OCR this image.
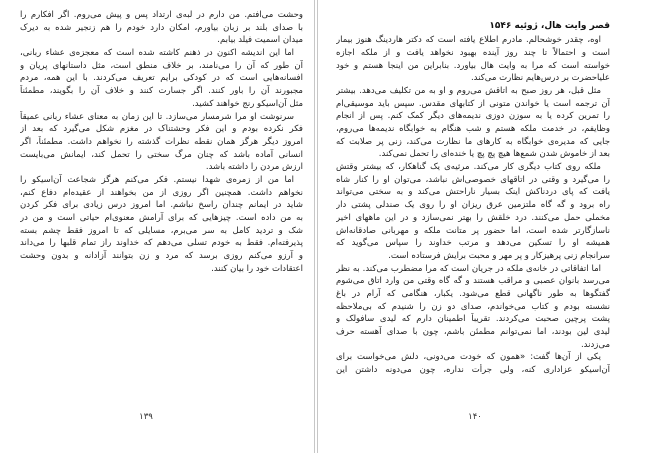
وحشت می‌افتم. من دارم در لبه‌ی ارتداد پس و پیش می‌روم. اگر افکارم را
با صدای بلند بر زبان بیاورم، امکان دارد خودم را هم زنجیر شده به دیرک
میدان اسمیت فیلد بیابم.
اما این اندیشه اکنون در ذهنم کاشته شده است که معجزه‌ی عشاء ربانی،
آن طور که آن را می‌نامند، بر خلاف منطق است، مثل داستانهای پریان و
افسانه‌هایی است که در کودکی برایم تعریف می‌کردند. با این همه، مردم
مجبورند آن را باور کنند. اگر جسارت کنند و خلاف آن را بگویند، مطمئناً
مثل آن‌اسیکو رنج خواهند کشید.
سرنوشت او مرا شرمسار می‌سازد. تا این زمان به معنای عشاء ربانی عمیقاً
فکر نکرده بودم و این فکر وحشتناک در مغزم شکل می‌گیرد که بعد از
امروز دیگر هرگز همان نقطه نظرات گذشته را نخواهم داشت. مطمئناً، اگر
انسانی آماده باشد که چنان مرگ سختی را تحمل کند، ایمانش می‌بایست
ارزش مردن را داشته باشد.
اما من از زمره‌ی شهدا نیستم. فکر می‌کنم هرگز شجاعت آن‌اسیکو را
نخواهم داشت. همچنین اگر روزی از من بخواهند از عقیده‌ام دفاع کنم،
شاید در ایمانم چندان راسخ نباشم. اما امروز درس زیادی برای فکر کردن
به من داده است. چیزهایی که برای آرامش معنوی‌ام حیاتی است و من در
شک و تردید کامل به سر می‌برم، مسایلی که تا امروز فقط چشم بسته
پذیرفته‌ام. فقط به خودم تسلی می‌دهم که خداوند راز تمام قلبها را می‌داند
و آرزو می‌کنم روزی برسد که مرد و زن بتوانند آزادانه و بدون وحشت
اعتقادات خود را بیان کنند.
۱۳۹
قصر وایت هال، ژوئیه ۱۵۴۶
اوه، چقدر خوشحالم. مادرم اطلاع یافته است که دکتر هاردینگ هنوز بیمار
است و احتمالاً تا چند روز آینده بهبود نخواهد یافت و از ملکه اجازه
خواسته است که مرا به وایت هال بیاورد. بنابراین من اینجا هستم و خود
علیاحضرت بر درس‌هایم نظارت می‌کند.
مثل قبل، هر روز صبح به اتاقش می‌روم و او به من تکلیف می‌دهد. بیشتر
آن ترجمه است یا خواندن متونی از کتابهای مقدس. سپس باید موسیقی‌ام
را تمرین کرده یا به سوزن دوزی ندیمه‌های دیگر کمک کنم. پس از انجام
وظایفم، در خدمت ملکه هستم و شب هنگام به خوابگاه ندیمه‌ها می‌روم،
جایی که مدیره‌ی خوابگاه به کارهای ما نظارت می‌کند، زنی پر صلابت که
بعد از خاموش شدن شمع‌ها هیچ پچ پچ یا خنده‌ای را تحمل نمی‌کند.
ملکه روی کتاب دیگری کار می‌کند. مرثیه‌ی یک گناهکار، که بیشتر وقتش
را می‌گیرد و وقتی در اتاقهای خصوصی‌اش نباشد، می‌توان او را کنار شاه
یافت که پای دردناکش اینک بسیار ناراحتش می‌کند و به سختی می‌تواند
راه برود و گه گاه ملتزمین عرق ریزان او را روی یک صندلی پشتی دار
مخملی حمل می‌کنند. درد خلقش را بهتر نمی‌سازد و در این ماههای اخیر
ناسازگارتر شده است، اما حضور پر متانت ملکه و مهربانی صادقانه‌اش
همیشه او را تسکین می‌دهد و مرتب خداوند را سپاس می‌گوید که
سرانجام زنی پرهیزکار و پر مهر و محبت برایش فرستاده است.
اما اتفاقاتی در خانه‌ی ملکه در جریان است که مرا مضطرب می‌کند. به نظر
می‌رسد بانوان عصبی و مراقب هستند و گه گاه وقتی من وارد اتاق می‌شوم
گفتگوها به طور ناگهانی قطع می‌شود. یکبار، هنگامی که آرام در باغ
نشسته بودم و کتاب می‌خواندم، صدای دو زن را شنیدم که بی‌ملاحظه
پشت پرچین صحبت می‌کردند. تقریباً اطمینان دارم که لیدی سافولک و
لیدی لین بودند، اما نمی‌توانم مطمئن باشم، چون با صدای آهسته حرف
می‌زدند.
یکی از آن‌ها گفت: «همون که خودت می‌دونی، دلش می‌خواست برای
آن‌اسیکو عزاداری کنه، ولی جرأت نداره، چون می‌دونه داشتن این
۱۴۰
